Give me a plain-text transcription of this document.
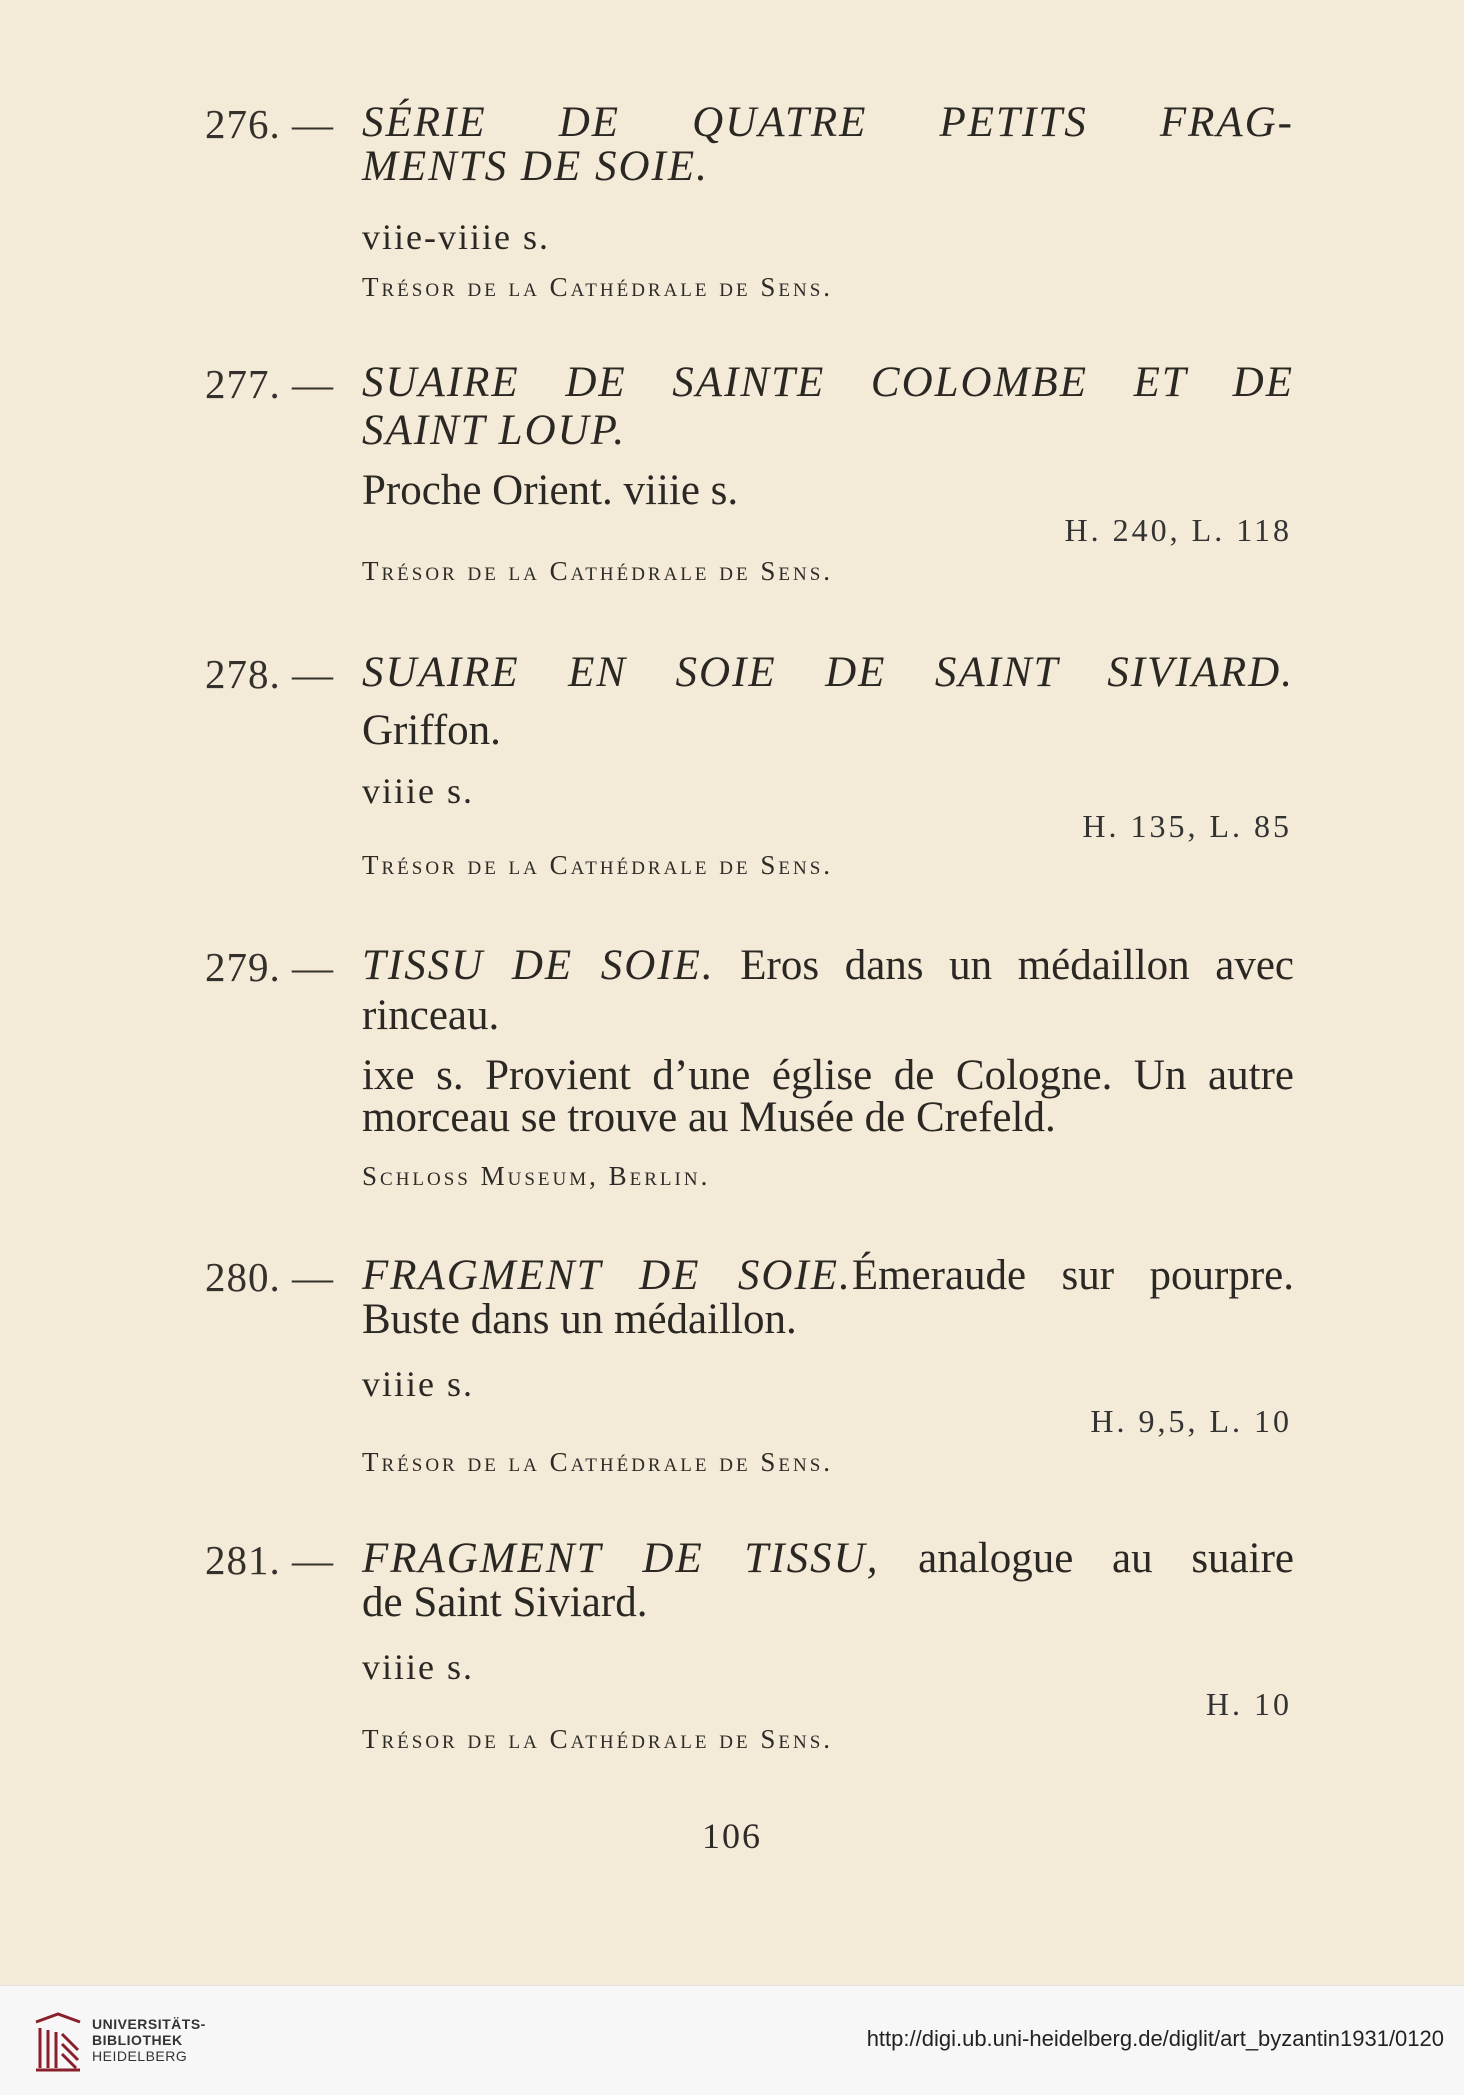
276. — SÉRIE DE QUATRE PETITS FRAG-
MENTS DE SOIE.
viie-viiie s.
Trésor de la Cathédrale de Sens.
277. — SUAIRE DE SAINTE COLOMBE ET DE
SAINT LOUP.
Proche Orient. viiie s.
H. 240, L. 118
Trésor de la Cathédrale de Sens.
278. — SUAIRE EN SOIE DE SAINT SIVIARD.
Griffon.
viiie s.
H. 135, L. 85
Trésor de la Cathédrale de Sens.
279. — TISSU DE SOIE. Eros dans un médaillon avec
rinceau.
ixe s. Provient d’une église de Cologne. Un autre
morceau se trouve au Musée de Crefeld.
Schloss Museum, Berlin.
280. — FRAGMENT DE SOIE.Émeraude sur pourpre.
Buste dans un médaillon.
viiie s.
H. 9,5, L. 10
Trésor de la Cathédrale de Sens.
281. — FRAGMENT DE TISSU, analogue au suaire
de Saint Siviard.
viiie s.
H. 10
Trésor de la Cathédrale de Sens.
106
UNIVERSITÄTS-
BIBLIOTHEK
HEIDELBERG
http://digi.ub.uni-heidelberg.de/diglit/art_byzantin1931/0120
